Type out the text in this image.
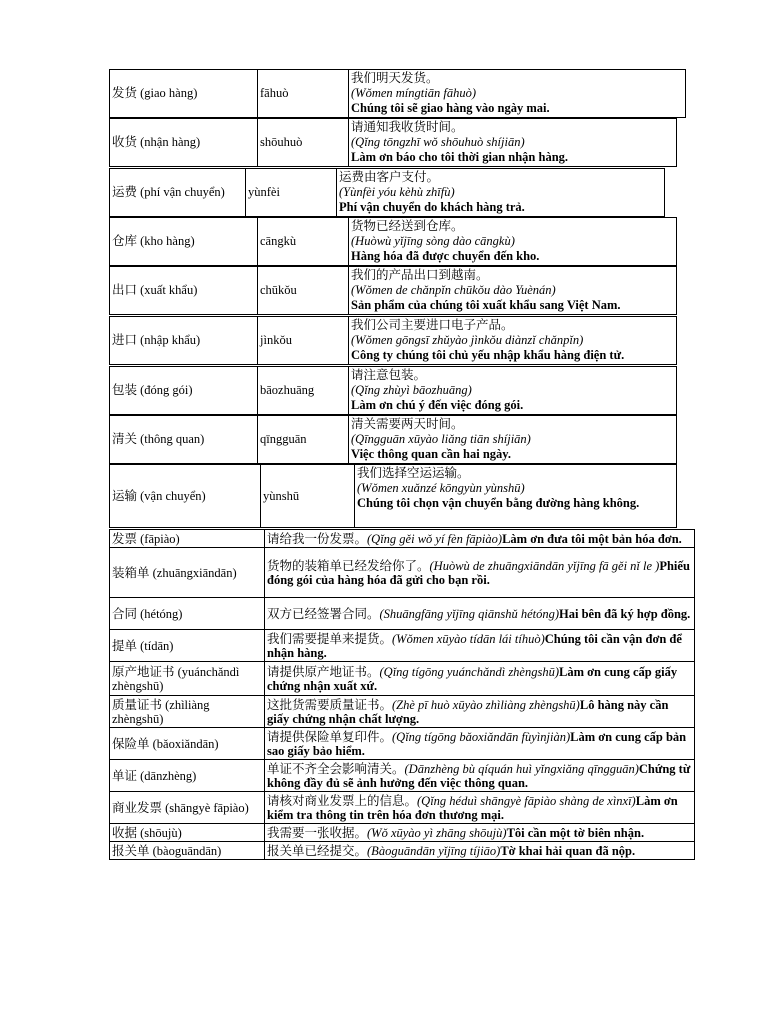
发货 (giao hàng)	fāhuò	
我们明天发货。
(Wǒmen míngtiān fāhuò)
Chúng tôi sẽ giao hàng vào ngày mai.
收货 (nhận hàng)	shōuhuò	
请通知我收货时间。
(Qǐng tōngzhī wǒ shōuhuò shíjiān)
Làm ơn báo cho tôi thời gian nhận hàng.
运费 (phí vận chuyển)	yùnfèi	
运费由客户支付。
(Yùnfèi yóu kèhù zhīfù)
Phí vận chuyển do khách hàng trả.
仓库 (kho hàng)	cāngkù	
货物已经送到仓库。
(Huòwù yǐjīng sòng dào cāngkù)
Hàng hóa đã được chuyển đến kho.
出口 (xuất khẩu)	chūkǒu	
我们的产品出口到越南。
(Wǒmen de chǎnpǐn chūkǒu dào Yuènán)
Sản phẩm của chúng tôi xuất khẩu sang Việt Nam.
进口 (nhập khẩu)	jìnkǒu	
我们公司主要进口电子产品。
(Wǒmen gōngsī zhǔyào jìnkǒu diànzǐ chǎnpǐn)
Công ty chúng tôi chủ yếu nhập khẩu hàng điện tử.
包装 (đóng gói)	bāozhuāng	
请注意包装。
(Qǐng zhùyì bāozhuāng)
Làm ơn chú ý đến việc đóng gói.
清关 (thông quan)	qīngguān	
清关需要两天时间。
(Qīngguān xūyào liǎng tiān shíjiān)
Việc thông quan cần hai ngày.
运输 (vận chuyển)	yùnshū	
我们选择空运运输。
(Wǒmen xuǎnzé kōngyùn yùnshū)
Chúng tôi chọn vận chuyển bằng đường hàng không.
发票 (fāpiào)	请给我一份发票。(Qǐng gěi wǒ yí fèn fāpiào)Làm ơn đưa tôi một bản hóa đơn.
装箱单 (zhuāngxiāndān)	货物的装箱单已经发给你了。(Huòwù de zhuāngxiāndān yǐjīng fā gěi nǐ le )Phiếu đóng gói của hàng hóa đã gửi cho bạn rồi.
合同 (hétóng)	双方已经签署合同。(Shuāngfāng yǐjīng qiānshǔ hétóng)Hai bên đã ký hợp đồng.
提单 (tídān)	我们需要提单来提货。(Wǒmen xūyào tídān lái tíhuò)Chúng tôi cần vận đơn để nhận hàng.
原产地证书 (yuánchǎndì zhèngshū)	请提供原产地证书。(Qǐng tígōng yuánchǎndì zhèngshū)Làm ơn cung cấp giấy chứng nhận xuất xứ.
质量证书 (zhìliàng zhèngshū)	这批货需要质量证书。(Zhè pī huò xūyào zhìliàng zhèngshū)Lô hàng này cần giấy chứng nhận chất lượng.
保险单 (bǎoxiǎndān)	请提供保险单复印件。(Qǐng tígōng bǎoxiǎndān fùyìnjiàn)Làm ơn cung cấp bản sao giấy bảo hiểm.
单证 (dānzhèng)	单证不齐全会影响清关。(Dānzhèng bù qíquán huì yǐngxiǎng qīngguān)Chứng từ không đầy đủ sẽ ảnh hưởng đến việc thông quan.
商业发票 (shāngyè fāpiào)	请核对商业发票上的信息。(Qǐng héduì shāngyè fāpiào shàng de xìnxī)Làm ơn kiểm tra thông tin trên hóa đơn thương mại.
收据 (shōujù)	我需要一张收据。(Wǒ xūyào yì zhāng shōujù)Tôi cần một tờ biên nhận.
报关单 (bàoguāndān)	报关单已经提交。(Bàoguāndān yǐjīng tíjiāo)Tờ khai hải quan đã nộp.
